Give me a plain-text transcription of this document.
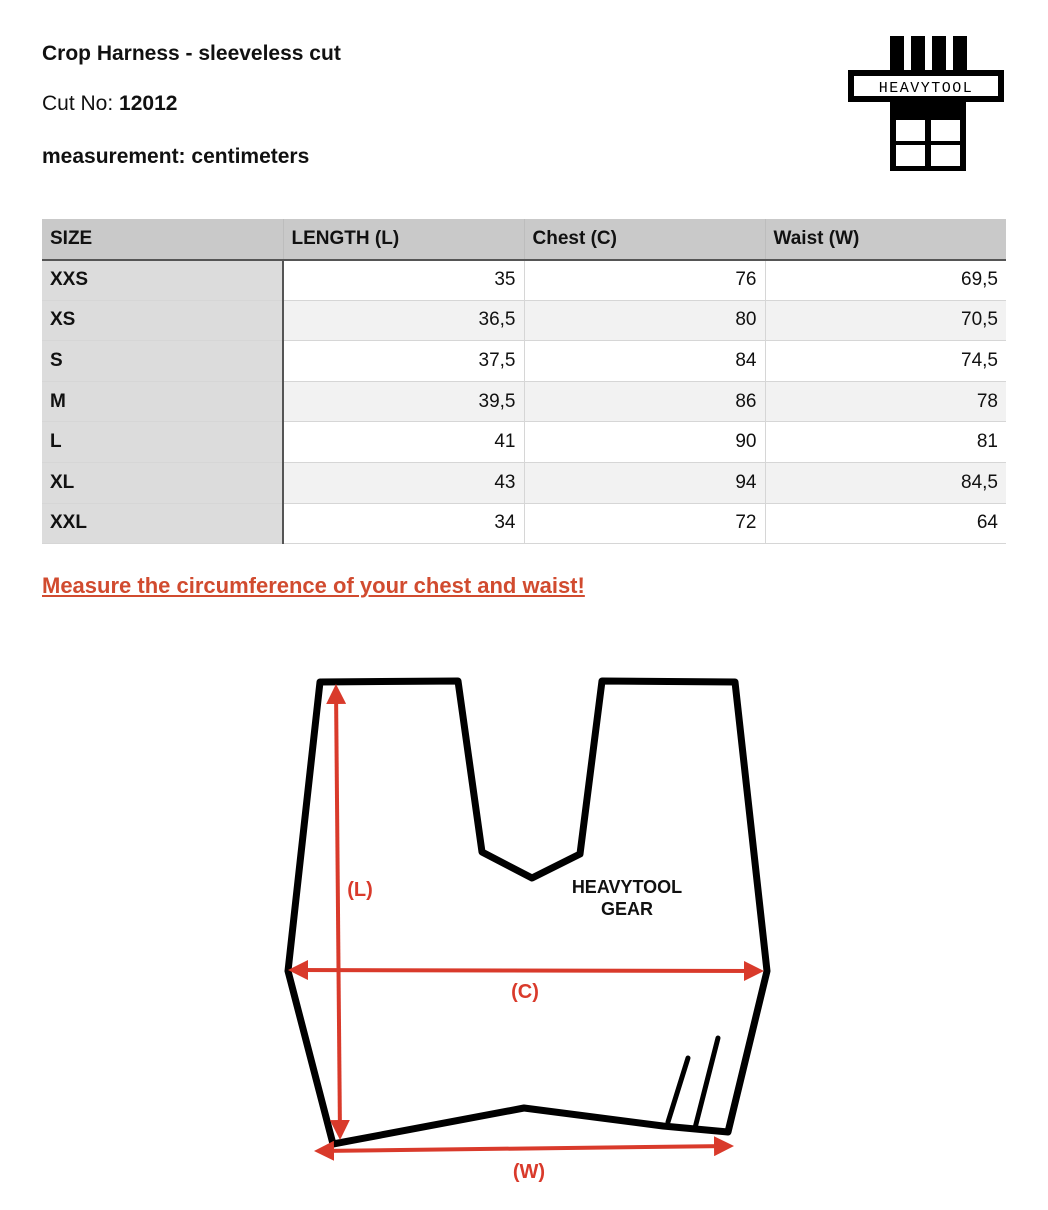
Crop Harness - sleeveless cut
Cut No: 12012
measurement: centimeters
HEAVYTOOL
SIZE	LENGTH (L)	Chest (C)	Waist (W)
XXS	35	76	69,5
XS	36,5	80	70,5
S	37,5	84	74,5
M	39,5	86	78
L	41	90	81
XL	43	94	84,5
XXL	34	72	64
Measure the circumference of your chest and waist!
(L)
(C)
(W)
HEAVYTOOL
GEAR
